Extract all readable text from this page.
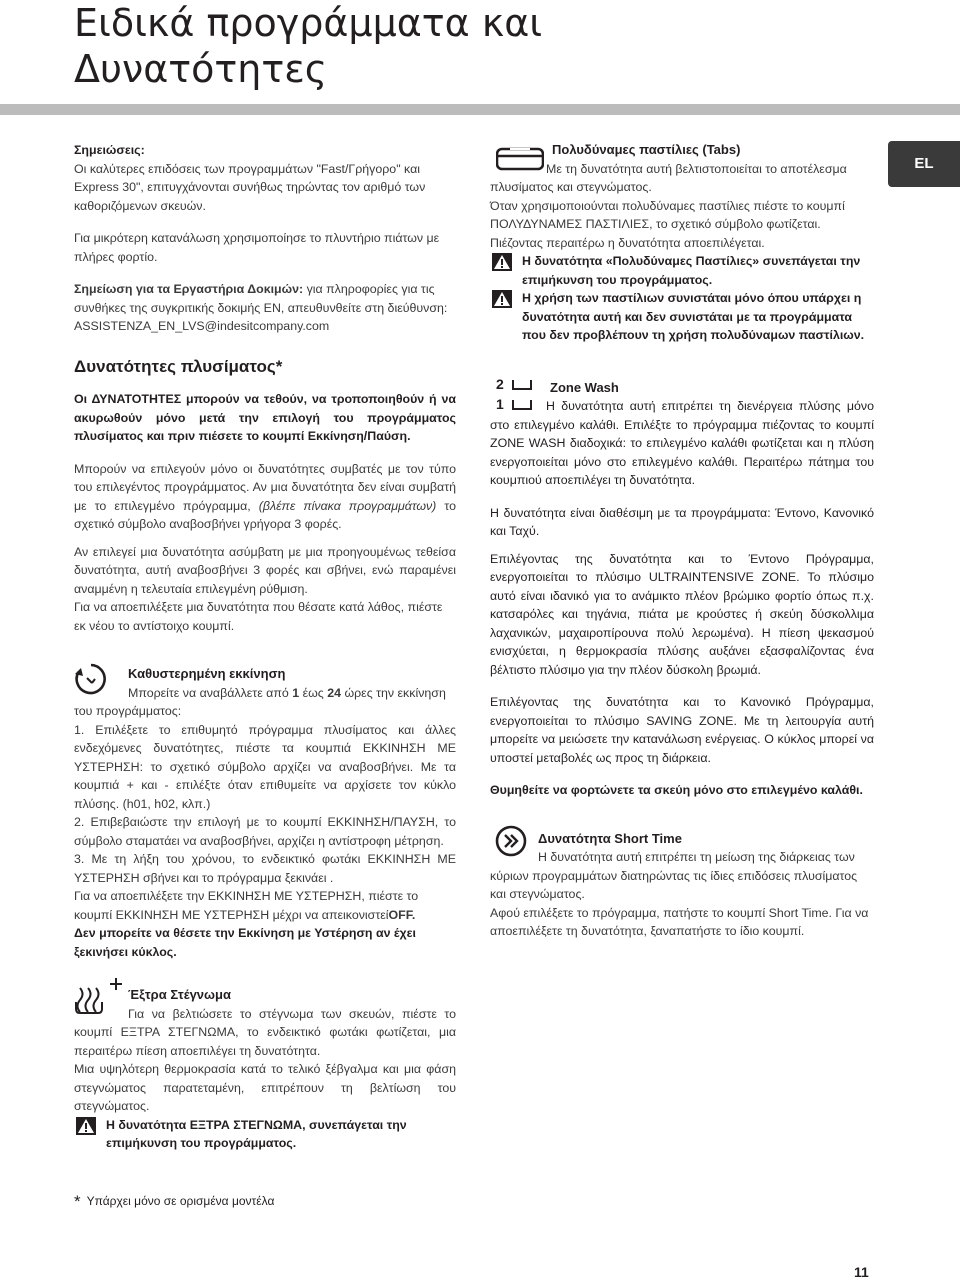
Ειδικά προγράμματα και
Δυνατότητες
EL

Σημειώσεις:

Οι καλύτερες επιδόσεις των προγραμμάτων "Fast/Γρήγορο" και Express 30", επιτυγχάνονται συνήθως τηρώντας τον αριθμό των καθοριζόμενων σκευών.

Για μικρότερη κατανάλωση χρησιμοποίησε το πλυντήριο πιάτων με πλήρες φορτίο.

Σημείωση για τα Εργαστήρια Δοκιμών: για πληροφορίες για τις συνθήκες της συγκριτικής δοκιμής EN, απευθυνθείτε στη διεύθυνση: ASSISTENZA_EN_LVS@indesitcompany.com

Δυνατότητες πλυσίματος*

Οι ΔΥΝΑΤΟΤΗΤΕΣ μπορούν να τεθούν, να τροποποιηθούν ή να ακυρωθούν μόνο μετά την επιλογή του προγράμματος πλυσίματος και πριν πιέσετε το κουμπί Εκκίνηση/Παύση.

Μπορούν να επιλεγούν μόνο οι δυνατότητες συμβατές με τον τύπο του επιλεγέντος προγράμματος. Αν μια δυνατότητα δεν είναι συμβατή με το επιλεγμένο πρόγραμμα, (βλέπε πίνακα προγραμμάτων) το σχετικό σύμβολο αναβοσβήνει γρήγορα 3 φορές.

Αν επιλεγεί μια δυνατότητα ασύμβατη με μια προηγουμένως τεθείσα δυνατότητα, αυτή αναβοσβήνει 3 φορές και σβήνει, ενώ παραμένει αναμμένη η τελευταία επιλεγμένη ρύθμιση.

Για να αποεπιλέξετε μια δυνατότητα που θέσατε κατά λάθος, πιέστε εκ νέου το αντίστοιχο κουμπί.

Καθυστερημένη εκκίνηση

Μπορείτε να αναβάλλετε από 1 έως 24 ώρες την εκκίνηση του προγράμματος:

1. Επιλέξετε το επιθυμητό πρόγραμμα πλυσίματος και άλλες ενδεχόμενες δυνατότητες, πιέστε τα κουμπιά ΕΚΚΙΝΗΣΗ ΜΕ ΥΣΤΕΡΗΣΗ: το σχετικό σύμβολο αρχίζει να αναβοσβήνει. Με τα κουμπιά + και - επιλέξτε όταν επιθυμείτε να αρχίσετε τον κύκλο πλύσης. (h01, h02, κλπ.)

2. Επιβεβαιώστε την επιλογή με το κουμπί ΕΚΚΙΝΗΣΗ/ΠΑΥΣΗ, το σύμβολο σταματάει να αναβοσβήνει, αρχίζει η αντίστροφη μέτρηση.

3. Με τη λήξη του χρόνου, το ενδεικτικό φωτάκι ΕΚΚΙΝΗΣΗ ΜΕ ΥΣΤΕΡΗΣΗ σβήνει και το πρόγραμμα ξεκινάει .

Για να αποεπιλέξετε την ΕΚΚΙΝΗΣΗ ΜΕ ΥΣΤΕΡΗΣΗ, πιέστε το κουμπί ΕΚΚΙΝΗΣΗ ΜΕ ΥΣΤΕΡΗΣΗ μέχρι να απεικονιστείOFF.

Δεν μπορείτε να θέσετε την Εκκίνηση με Υστέρηση αν έχει ξεκινήσει κύκλος.

Έξτρα Στέγνωμα

Για να βελτιώσετε το στέγνωμα των σκευών, πιέστε το κουμπί ΕΞΤΡΑ ΣΤΕΓΝΩΜΑ, το ενδεικτικό φωτάκι φωτίζεται, μια περαιτέρω πίεση αποεπιλέγει τη δυνατότητα.

Μια υψηλότερη θερμοκρασία κατά το τελικό ξέβγαλμα και μια φάση στεγνώματος παρατεταμένη, επιτρέπουν τη βελτίωση του στεγνώματος.

Η δυνατότητα ΕΞΤΡΑ ΣΤΕΓΝΩΜΑ, συνεπάγεται την επιμήκυνση του προγράμματος.

* Υπάρχει μόνο σε ορισμένα μοντέλα

Πολυδύναμες παστίλιες (Tabs)

Με τη δυνατότητα αυτή βελτιστοποιείται το αποτέλεσμα πλυσίματος και στεγνώματος.

Όταν χρησιμοποιούνται πολυδύναμες παστίλιες πιέστε το κουμπί ΠΟΛΥΔΥΝΑΜΕΣ ΠΑΣΤΙΛΙΕΣ, το σχετικό σύμβολο φωτίζεται. Πιέζοντας περαιτέρω η δυνατότητα αποεπιλέγεται.

Η δυνατότητα «Πολυδύναμες Παστίλιες» συνεπάγεται την επιμήκυνση του προγράμματος.

Η χρήση των παστίλιων συνιστάται μόνο όπου υπάρχει η δυνατότητα αυτή και δεν συνιστάται με τα προγράμματα που δεν προβλέπουν τη χρήση πολυδύναμων παστίλιων.

2
1

Zone Wash

Η δυνατότητα αυτή επιτρέπει τη διενέργεια πλύσης μόνο στο επιλεγμένο καλάθι. Επιλέξτε το πρόγραμμα πιέζοντας το κουμπί ZONE WASH διαδοχικά: το επιλεγμένο καλάθι φωτίζεται και η πλύση ενεργοποιείται μόνο στο επιλεγμένο καλάθι. Περαιτέρω πάτημα του κουμπιού αποεπιλέγει τη δυνατότητα.

Η δυνατότητα είναι διαθέσιμη με τα προγράμματα: Έντονο, Κανονικό και Ταχύ.

Επιλέγοντας της δυνατότητα και το Έντονο Πρόγραμμα, ενεργοποιείται το πλύσιμο ULTRAINTENSIVE ZONE. Το πλύσιμο αυτό είναι ιδανικό για το ανάμικτο πλέον βρώμικο φορτίο όπως π.χ. κατσαρόλες και τηγάνια, πιάτα με κρούστες ή σκεύη δύσκολλιμα λαχανικών, μαχαιροπίρουνα πολύ λερωμένα). Η πίεση ψεκασμού ενισχύεται, η θερμοκρασία πλύσης αυξάνει εξασφαλίζοντας ένα βέλτιστο πλύσιμο για την πλέον δύσκολη βρωμιά.

Επιλέγοντας της δυνατότητα και το Κανονικό Πρόγραμμα, ενεργοποιείται το πλύσιμο SAVING ZONE. Με τη λειτουργία αυτή μπορείτε να μειώσετε την κατανάλωση ενέργειας. Ο κύκλος μπορεί να υποστεί μεταβολές ως προς τη διάρκεια.

Θυμηθείτε να φορτώνετε τα σκεύη μόνο στο επιλεγμένο καλάθι.

Δυνατότητα Short Time

Η δυνατότητα αυτή επιτρέπει τη μείωση της διάρκειας των κύριων προγραμμάτων διατηρώντας τις ίδιες επιδόσεις πλυσίματος και στεγνώματος.

Αφού επιλέξετε το πρόγραμμα, πατήστε το κουμπί Short Time. Για να αποεπιλέξετε τη δυνατότητα, ξαναπατήστε το ίδιο κουμπί.

11
